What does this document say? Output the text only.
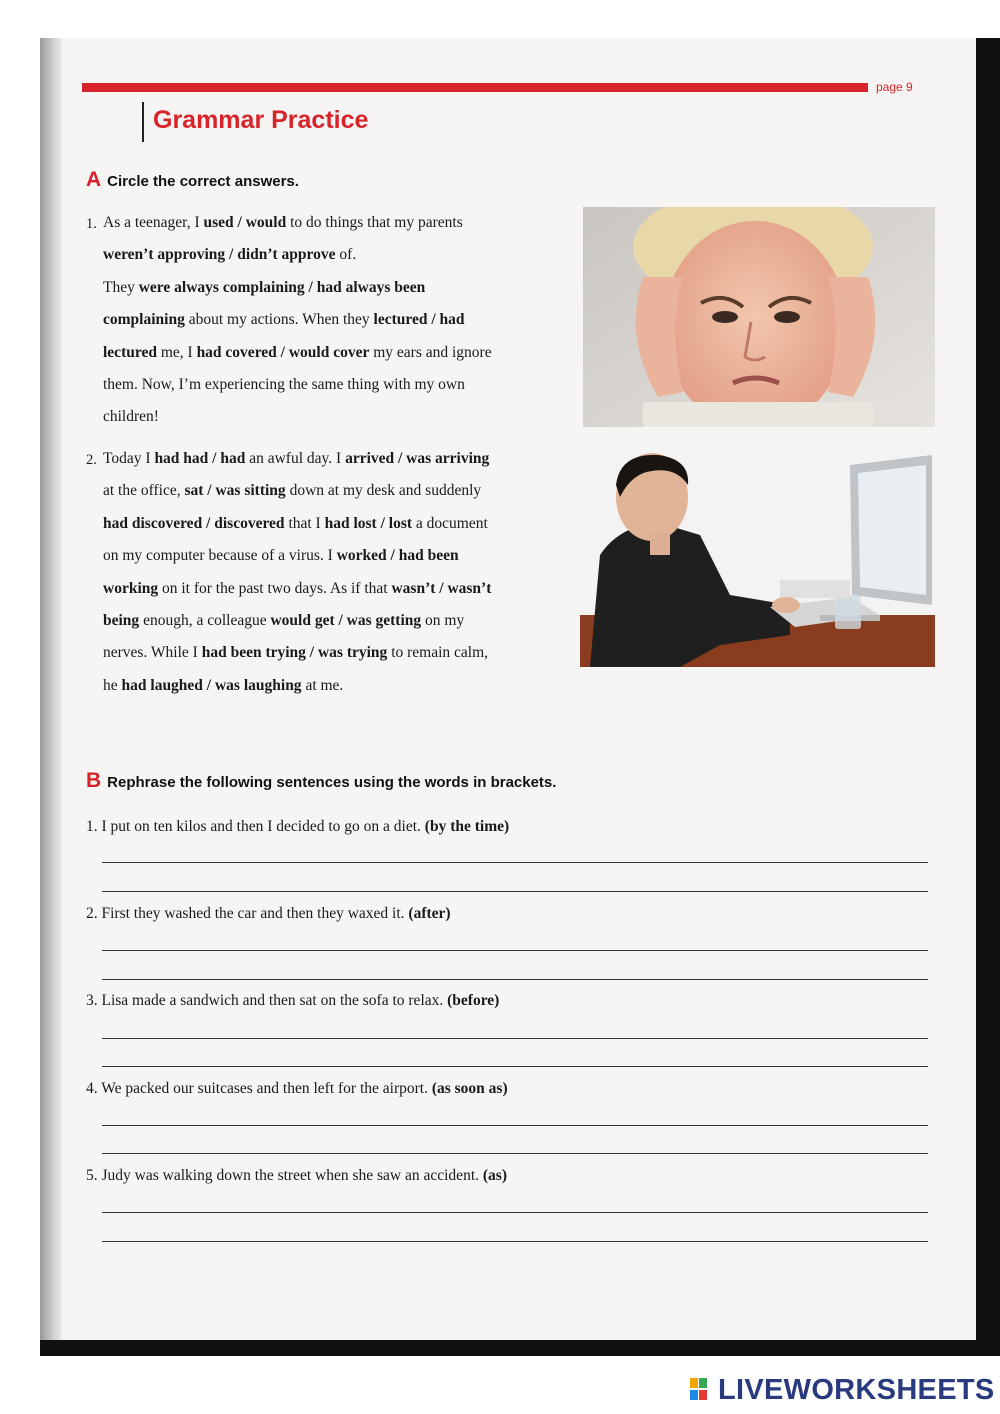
page 9
Grammar Practice
A Circle the correct answers.
1. As a teenager, I used / would to do things that my parents
weren’t approving / didn’t approve of.
They were always complaining / had always been
complaining about my actions. When they lectured / had
lectured me, I had covered / would cover my ears and ignore
them. Now, I’m experiencing the same thing with my own
children!
2. Today I had had / had an awful day. I arrived / was arriving
at the office, sat / was sitting down at my desk and suddenly
had discovered / discovered that I had lost / lost a document
on my computer because of a virus. I worked / had been
working on it for the past two days. As if that wasn’t / wasn’t
being enough, a colleague would get / was getting on my
nerves. While I had been trying / was trying to remain calm,
he had laughed / was laughing at me.
B Rephrase the following sentences using the words in brackets.
1. I put on ten kilos and then I decided to go on a diet. (by the time)
2. First they washed the car and then they waxed it. (after)
3. Lisa made a sandwich and then sat on the sofa to relax. (before)
4. We packed our suitcases and then left for the airport. (as soon as)
5. Judy was walking down the street when she saw an accident. (as)
LIVEWORKSHEETS
